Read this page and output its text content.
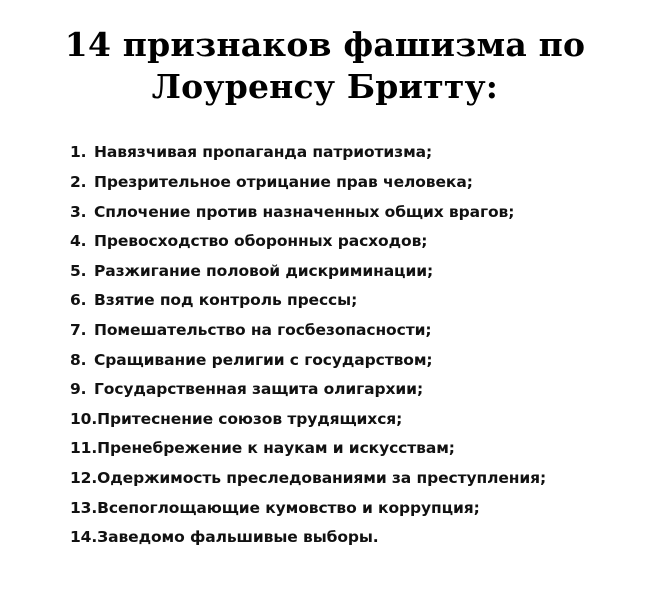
14 признаков фашизма по
Лоуренсу Бритту:
1. Навязчивая пропаганда патриотизма;
2. Презрительное отрицание прав человека;
3. Сплочение против назначенных общих врагов;
4. Превосходство оборонных расходов;
5. Разжигание половой дискриминации;
6. Взятие под контроль прессы;
7. Помешательство на госбезопасности;
8. Сращивание религии с государством;
9. Государственная защита олигархии;
10.Притеснение союзов трудящихся;
11.Пренебрежение к наукам и искусствам;
12.Одержимость преследованиями за преступления;
13.Всепоглощающие кумовство и коррупция;
14.Заведомо фальшивые выборы.
